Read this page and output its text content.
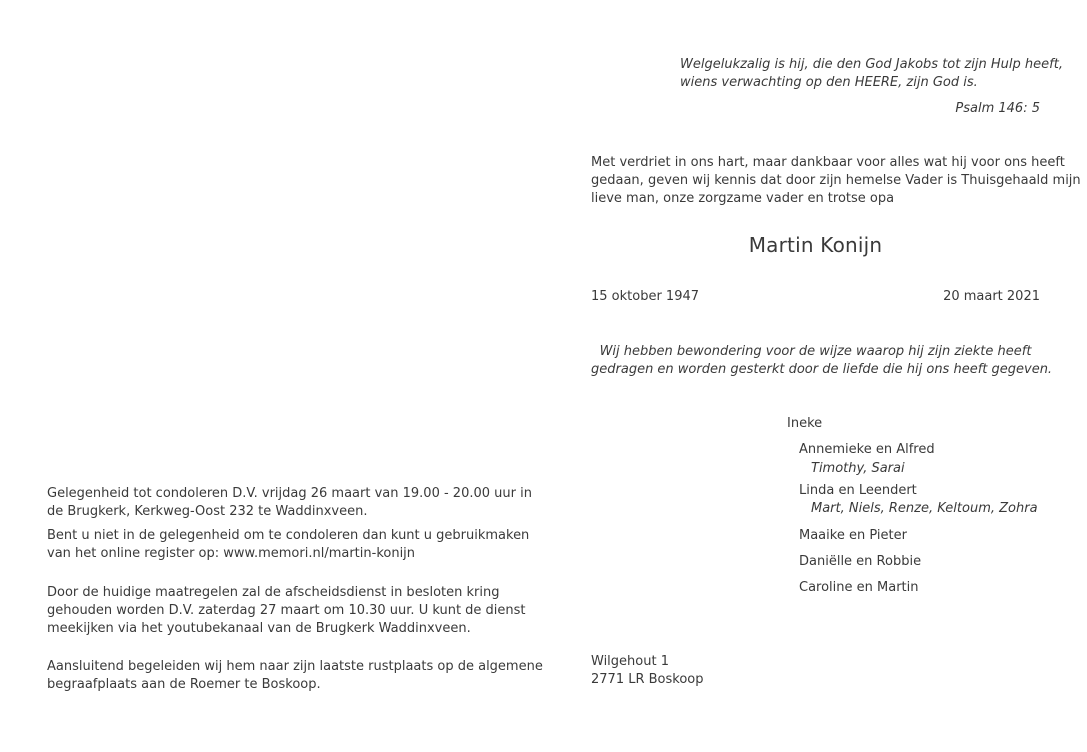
Gelegenheid tot condoleren D.V. vrijdag 26 maart van 19.00 - 20.00 uur in
de Brugkerk, Kerkweg-Oost 232 te Waddinxveen.
Bent u niet in de gelegenheid om te condoleren dan kunt u gebruikmaken
van het online register op: www.memori.nl/martin-konijn
Door de huidige maatregelen zal de afscheidsdienst in besloten kring
gehouden worden D.V. zaterdag 27 maart om 10.30 uur. U kunt de dienst
meekijken via het youtubekanaal van de Brugkerk Waddinxveen.
Aansluitend begeleiden wij hem naar zijn laatste rustplaats op de algemene
begraafplaats aan de Roemer te Boskoop.
Welgelukzalig is hij, die den God Jakobs tot zijn Hulp heeft,
wiens verwachting op den HEERE, zijn God is.
Psalm 146: 5
Met verdriet in ons hart, maar dankbaar voor alles wat hij voor ons heeft
gedaan, geven wij kennis dat door zijn hemelse Vader is Thuisgehaald mijn
lieve man, onze zorgzame vader en trotse opa
Martin Konijn
15 oktober 1947	20 maart 2021
Wij hebben bewondering voor de wijze waarop hij zijn ziekte heeft
gedragen en worden gesterkt door de liefde die hij ons heeft gegeven.
Ineke
Annemieke en Alfred
Timothy, Sarai
Linda en Leendert
Mart, Niels, Renze, Keltoum, Zohra
Maaike en Pieter
Daniëlle en Robbie
Caroline en Martin
Wilgehout 1
2771 LR Boskoop
